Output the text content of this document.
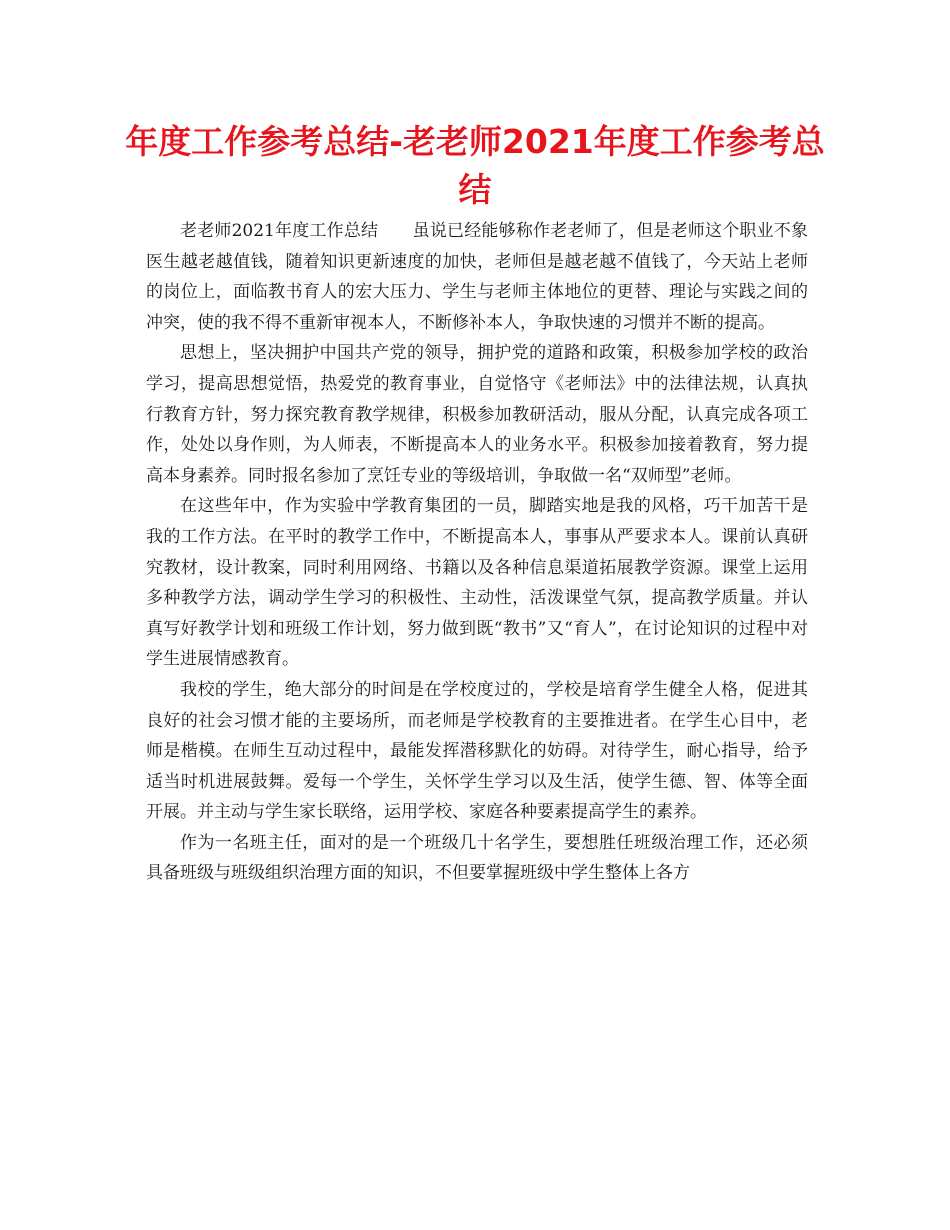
年度工作参考总结-老老师2021年度工作参考总结

老老师2021年度工作总结　　虽说已经能够称作老老师了，但是老师这个职业不象医生越老越值钱，随着知识更新速度的加快，老师但是越老越不值钱了，今天站上老师的岗位上，面临教书育人的宏大压力、学生与老师主体地位的更替、理论与实践之间的冲突，使的我不得不重新审视本人，不断修补本人，争取快速的习惯并不断的提高。

思想上，坚决拥护中国共产党的领导，拥护党的道路和政策，积极参加学校的政治学习，提高思想觉悟，热爱党的教育事业，自觉恪守《老师法》中的法律法规，认真执行教育方针，努力探究教育教学规律，积极参加教研活动，服从分配，认真完成各项工作，处处以身作则，为人师表，不断提高本人的业务水平。积极参加接着教育，努力提高本身素养。同时报名参加了烹饪专业的等级培训，争取做一名“双师型”老师。

在这些年中，作为实验中学教育集团的一员，脚踏实地是我的风格，巧干加苦干是我的工作方法。在平时的教学工作中，不断提高本人，事事从严要求本人。课前认真研究教材，设计教案，同时利用网络、书籍以及各种信息渠道拓展教学资源。课堂上运用多种教学方法，调动学生学习的积极性、主动性，活泼课堂气氛，提高教学质量。并认真写好教学计划和班级工作计划，努力做到既“教书”又“育人”，在讨论知识的过程中对学生进展情感教育。

我校的学生，绝大部分的时间是在学校度过的，学校是培育学生健全人格，促进其良好的社会习惯才能的主要场所，而老师是学校教育的主要推进者。在学生心目中，老师是楷模。在师生互动过程中，最能发挥潜移默化的妨碍。对待学生，耐心指导，给予适当时机进展鼓舞。爱每一个学生，关怀学生学习以及生活，使学生德、智、体等全面开展。并主动与学生家长联络，运用学校、家庭各种要素提高学生的素养。

作为一名班主任，面对的是一个班级几十名学生，要想胜任班级治理工作，还必须具备班级与班级组织治理方面的知识，不但要掌握班级中学生整体上各方
